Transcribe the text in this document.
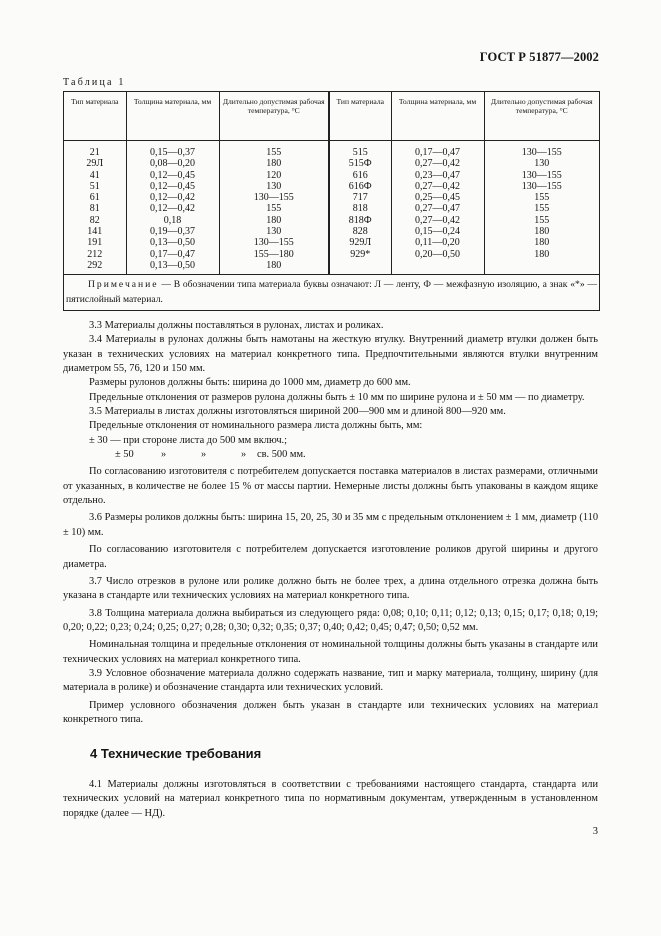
ГОСТ Р 51877—2002
Таблица 1
Тип материала	Толщина материала, мм	Длительно допустимая рабочая температура, °С	Тип материала	Толщина материала, мм	Длительно допустимая рабочая температура, °С
21	0,15—0,37	155	515	0,17—0,47	130—155
29Л	0,08—0,20	180	515Ф	0,27—0,42	130
41	0,12—0,45	120	616	0,23—0,47	130—155
51	0,12—0,45	130	616Ф	0,27—0,42	130—155
61	0,12—0,42	130—155	717	0,25—0,45	155
81	0,12—0,42	155	818	0,27—0,47	155
82	0,18	180	818Ф	0,27—0,42	155
141	0,19—0,37	130	828	0,15—0,24	180
191	0,13—0,50	130—155	929Л	0,11—0,20	180
212	0,17—0,47	155—180	929*	0,20—0,50	180
292	0,13—0,50	180			
Примечание — В обозначении типа материала буквы означают: Л — ленту, Ф — межфазную изоляцию, а знак «*» — пятислойный материал.

3.3 Материалы должны поставляться в рулонах, листах и роликах.

3.4 Материалы в рулонах должны быть намотаны на жесткую втулку. Внутренний диаметр втулки должен быть указан в технических условиях на материал конкретного типа. Предпочтительными являются втулки внутренним диаметром 55, 76, 120 и 150 мм.

Размеры рулонов должны быть: ширина до 1000 мм, диаметр до 600 мм.

Предельные отклонения от размеров рулона должны быть ± 10 мм по ширине рулона и ± 50 мм — по диаметру.

3.5 Материалы в листах должны изготовляться шириной 200—900 мм и длиной 800—920 мм.

Предельные отклонения от номинального размера листа должны быть, мм:

± 30 — при стороне листа до 500 мм включ.;

± 50	»	»	» св. 500 мм.

По согласованию изготовителя с потребителем допускается поставка материалов в листах размерами, отличными от указанных, в количестве не более 15 % от массы партии. Немерные листы должны быть упакованы в каждом ящике отдельно.

3.6 Размеры роликов должны быть: ширина 15, 20, 25, 30 и 35 мм с предельным отклонением ± 1 мм, диаметр (110 ± 10) мм.

По согласованию изготовителя с потребителем допускается изготовление роликов другой ширины и другого диаметра.

3.7 Число отрезков в рулоне или ролике должно быть не более трех, а длина отдельного отрезка должна быть указана в стандарте или технических условиях на материал конкретного типа.

3.8 Толщина материала должна выбираться из следующего ряда: 0,08; 0,10; 0,11; 0,12; 0,13; 0,15; 0,17; 0,18; 0,19; 0,20; 0,22; 0,23; 0,24; 0,25; 0,27; 0,28; 0,30; 0,32; 0,35; 0,37; 0,40; 0,42; 0,45; 0,47; 0,50; 0,52 мм.

Номинальная толщина и предельные отклонения от номинальной толщины должны быть указаны в стандарте или технических условиях на материал конкретного типа.

3.9 Условное обозначение материала должно содержать название, тип и марку материала, толщину, ширину (для материала в ролике) и обозначение стандарта или технических условий.

Пример условного обозначения должен быть указан в стандарте или технических условиях на материал конкретного типа.

4 Технические требования

4.1 Материалы должны изготовляться в соответствии с требованиями настоящего стандарта, стандарта или технических условий на материал конкретного типа по нормативным документам, утвержденным в установленном порядке (далее — НД).

3
